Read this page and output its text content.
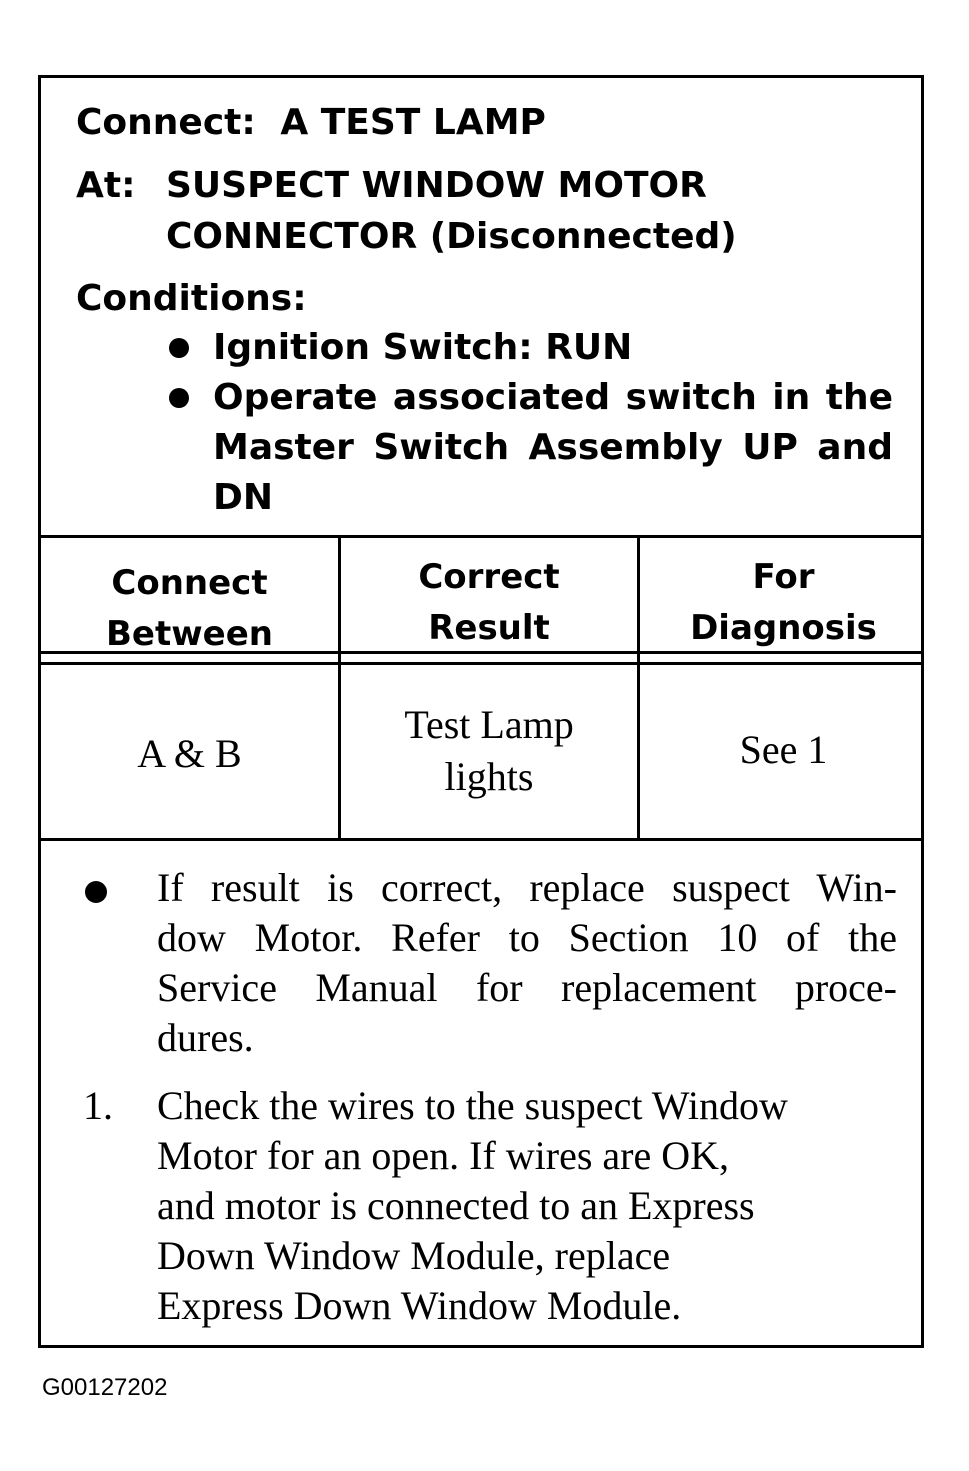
Connect: A TEST LAMP
At: SUSPECT WINDOW MOTOR
CONNECTOR (Disconnected)
Conditions:
Ignition Switch: RUN
Operate associated switch in the
Master Switch Assembly UP and
DN
Connect
Between
Correct
Result
For
Diagnosis
A & B
Test Lamp
lights
See 1
If result is correct, replace suspect Win-
dow Motor. Refer to Section 10 of the
Service Manual for replacement proce-
dures.
1. Check the wires to the suspect Window
Motor for an open. If wires are OK,
and motor is connected to an Express
Down Window Module, replace
Express Down Window Module.
G00127202
